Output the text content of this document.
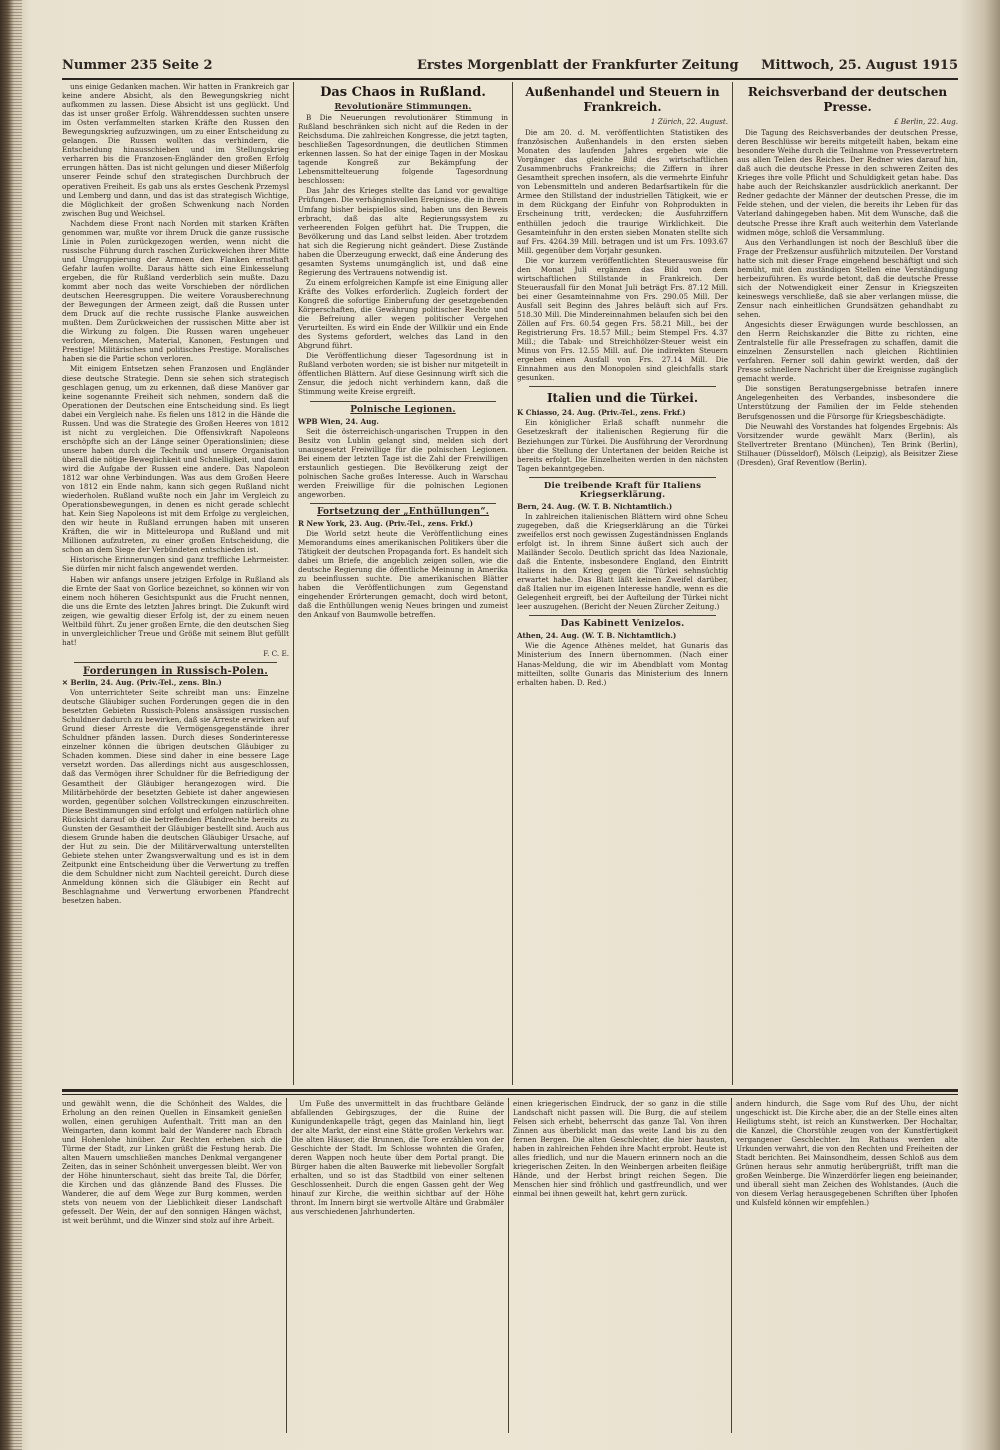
Nummer 235 Seite 2	Erstes Morgenblatt der Frankfurter Zeitung Mittwoch, 25. August 1915

uns einige Gedanken machen. Wir hatten in Frankreich gar keine andere Absicht, als den Bewegungskrieg nicht aufkommen zu lassen. Diese Absicht ist uns geglückt. Und das ist unser großer Erfolg. Währenddessen suchten unsere im Osten verfammelten starken Kräfte den Russen den Bewegungskrieg aufzuzwingen, um zu einer Entscheidung zu gelangen. Die Russen wollten das verhindern, die Entscheidung hinausschieben und im Stellungskrieg verharren bis die Franzosen-Engländer den großen Erfolg errungen hätten. Das ist nicht gelungen und dieser Mißerfolg unserer Feinde schuf den strategischen Durchbruch der operativen Freiheit. Es gab uns als erstes Geschenk Przemysl und Lemberg und dann, und das ist das strategisch Wichtige, die Möglichkeit der großen Schwenkung nach Norden zwischen Bug und Weichsel.

Nachdem diese Front nach Norden mit starken Kräften genommen war, mußte vor ihrem Druck die ganze russische Linie in Polen zurückgezogen werden, wenn nicht die russische Führung durch raschen Zurückweichen ihrer Mitte und Umgruppierung der Armeen den Flanken ernsthaft Gefahr laufen wollte. Daraus hätte sich eine Einkesselung ergeben, die für Rußland verderblich sein mußte. Dazu kommt aber noch das weite Vorschieben der nördlichen deutschen Heeresgruppen. Die weitere Vorausberechnung der Bewegungen der Armeen zeigt, daß die Russen unter dem Druck auf die rechte russische Flanke ausweichen mußten. Dem Zurückweichen der russischen Mitte aber ist die Wirkung zu folgen. Die Russen waren ungeheuer verloren, Menschen, Material, Kanonen, Festungen und Prestige! Militärisches und politisches Prestige. Moralisches haben sie die Partie schon verloren.

Mit einigem Entsetzen sehen Franzosen und Engländer diese deutsche Strategie. Denn sie sehen sich strategisch geschlagen genug, um zu erkennen, daß diese Manöver gar keine sogenannte Freiheit sich nehmen, sondern daß die Operationen der Deutschen eine Entscheidung sind. Es liegt dabei ein Vergleich nahe. Es fielen uns 1812 in die Hände die Russen. Und was die Strategie des Großen Heeres von 1812 ist nicht zu vergleichen. Die Offensivkraft Napoleons erschöpfte sich an der Länge seiner Operationslinien; diese unsere haben durch die Technik und unsere Organisation überall die nötige Beweglichkeit und Schnelligkeit, und damit wird die Aufgabe der Russen eine andere. Das Napoleon 1812 war ohne Verbindungen. Was aus dem Großen Heere von 1812 ein Ende nahm, kann sich gegen Rußland nicht wiederholen. Rußland wußte noch ein Jahr im Vergleich zu Operationsbewegungen, in denen es nicht gerade schlecht hat. Kein Sieg Napoleons ist mit dem Erfolge zu vergleichen, den wir heute in Rußland errungen haben mit unseren Kräften, die wir in Mitteleuropa und Rußland und mit Millionen aufzutreten, zu einer großen Entscheidung, die schon an dem Siege der Verbündeten entschieden ist.

Historische Erinnerungen sind ganz treffliche Lehrmeister. Sie dürfen mir nicht falsch angewendet werden.

Haben wir anfangs unsere jetzigen Erfolge in Rußland als die Ernte der Saat von Gorlice bezeichnet, so können wir von einem noch höheren Gesichtspunkt aus die Frucht nennen, die uns die Ernte des letzten Jahres bringt. Die Zukunft wird zeigen, wie gewaltig dieser Erfolg ist, der zu einem neuen Weltbild führt. Zu jener großen Ernte, die den deutschen Sieg in unvergleichlicher Treue und Größe mit seinem Blut gefüllt hat!

F. C. E.
Forderungen in Russisch-Polen.

✕ Berlin, 24. Aug. (Priv.-Tel., zens. Bln.)

Von unterrichteter Seite schreibt man uns: Einzelne deutsche Gläubiger suchen Forderungen gegen die in den besetzten Gebieten Russisch-Polens ansässigen russischen Schuldner dadurch zu bewirken, daß sie Arreste erwirken auf Grund dieser Arreste die Vermögensgegenstände ihrer Schuldner pfänden lassen. Durch dieses Sonderinteresse einzelner können die übrigen deutschen Gläubiger zu Schaden kommen. Diese sind daher in eine bessere Lage versetzt worden. Das allerdings nicht aus ausgeschlossen, daß das Vermögen ihrer Schuldner für die Befriedigung der Gesamtheit der Gläubiger herangezogen wird. Die Militärbehörde der besetzten Gebiete ist daher angewiesen worden, gegenüber solchen Vollstreckungen einzuschreiten. Diese Bestimmungen sind erfolgt und erfolgen natürlich ohne Rücksicht darauf ob die betreffenden Pfandrechte bereits zu Gunsten der Gesamtheit der Gläubiger bestellt sind. Auch aus diesem Grunde haben die deutschen Gläubiger Ursache, auf der Hut zu sein. Die der Militärverwaltung unterstellten Gebiete stehen unter Zwangsverwaltung und es ist in dem Zeitpunkt eine Entscheidung über die Verwertung zu treffen die dem Schuldner nicht zum Nachteil gereicht. Durch diese Anmeldung können sich die Gläubiger ein Recht auf Beschlagnahme und Verwertung erworbenen Pfandrecht besetzen haben.

Das Chaos in Rußland.
Revolutionäre Stimmungen.

B Die Neuerungen revolutionärer Stimmung in Rußland beschränken sich nicht auf die Reden in der Reichsduma. Die zahlreichen Kongresse, die jetzt tagten, beschließen Tagesordnungen, die deutlichen Stimmen erkennen lassen. So hat der einige Tagen in der Moskau tagende Kongreß zur Bekämpfung der Lebensmittelteuerung folgende Tagesordnung beschlossen:

Das Jahr des Krieges stellte das Land vor gewaltige Prüfungen. Die verhängnisvollen Ereignisse, die in ihrem Umfang bisher beispiellos sind, haben uns den Beweis erbracht, daß das alte Regierungssystem zu verheerenden Folgen geführt hat. Die Truppen, die Bevölkerung und das Land selbst leiden. Aber trotzdem hat sich die Regierung nicht geändert. Diese Zustände haben die Überzeugung erweckt, daß eine Änderung des gesamten Systems unumgänglich ist, und daß eine Regierung des Vertrauens notwendig ist.

Zu einem erfolgreichen Kampfe ist eine Einigung aller Kräfte des Volkes erforderlich. Zugleich fordert der Kongreß die sofortige Einberufung der gesetzgebenden Körperschaften, die Gewährung politischer Rechte und die Befreiung aller wegen politischer Vergehen Verurteilten. Es wird ein Ende der Willkür und ein Ende des Systems gefordert, welches das Land in den Abgrund führt.

Die Veröffentlichung dieser Tagesordnung ist in Rußland verboten worden; sie ist bisher nur mitgeteilt in öffentlichen Blättern. Auf diese Gesinnung wirft sich die Zensur, die jedoch nicht verhindern kann, daß die Stimmung weite Kreise ergreift.

Polnische Legionen.

WPB Wien, 24. Aug.

Seit die österreichisch-ungarischen Truppen in den Besitz von Lublin gelangt sind, melden sich dort unausgesetzt Freiwillige für die polnischen Legionen. Bei einem der letzten Tage ist die Zahl der Freiwilligen erstaunlich gestiegen. Die Bevölkerung zeigt der polnischen Sache großes Interesse. Auch in Warschau werden Freiwillige für die polnischen Legionen angeworben.

Fortsetzung der „Enthüllungen“.

R New York, 23. Aug. (Priv.-Tel., zens. Frkf.)

Die World setzt heute die Veröffentlichung eines Memorandums eines amerikanischen Politikers über die Tätigkeit der deutschen Propaganda fort. Es handelt sich dabei um Briefe, die angeblich zeigen sollen, wie die deutsche Regierung die öffentliche Meinung in Amerika zu beeinflussen suchte. Die amerikanischen Blätter haben die Veröffentlichungen zum Gegenstand eingehender Erörterungen gemacht, doch wird betont, daß die Enthüllungen wenig Neues bringen und zumeist den Ankauf von Baumwolle betreffen.

Außenhandel und Steuern in Frankreich.
1 Zürich, 22. August.

Die am 20. d. M. veröffentlichten Statistiken des französischen Außenhandels in den ersten sieben Monaten des laufenden Jahres ergeben wie die Vorgänger das gleiche Bild des wirtschaftlichen Zusammenbruchs Frankreichs; die Ziffern in ihrer Gesamtheit sprechen insofern, als die vermehrte Einfuhr von Lebensmitteln und anderen Bedarfsartikeln für die Armee den Stillstand der industriellen Tätigkeit, wie er in dem Rückgang der Einfuhr von Rohprodukten in Erscheinung tritt, verdecken; die Ausfuhrziffern enthüllen jedoch die traurige Wirklichkeit. Die Gesamteinfuhr in den ersten sieben Monaten stellte sich auf Frs. 4264.39 Mill. betragen und ist um Frs. 1093.67 Mill. gegenüber dem Vorjahr gesunken.

Die vor kurzem veröffentlichten Steuerausweise für den Monat Juli ergänzen das Bild von dem wirtschaftlichen Stillstande in Frankreich. Der Steuerausfall für den Monat Juli beträgt Frs. 87.12 Mill. bei einer Gesamteinnahme von Frs. 290.05 Mill. Der Ausfall seit Beginn des Jahres beläuft sich auf Frs. 518.30 Mill. Die Mindereinnahmen belaufen sich bei den Zöllen auf Frs. 60.54 gegen Frs. 58.21 Mill., bei der Registrierung Frs. 18.57 Mill.; beim Stempel Frs. 4.37 Mill.; die Tabak- und Streichhölzer-Steuer weist ein Minus von Frs. 12.55 Mill. auf. Die indirekten Steuern ergeben einen Ausfall von Frs. 27.14 Mill. Die Einnahmen aus den Monopolen sind gleichfalls stark gesunken.

Italien und die Türkei.

K Chiasso, 24. Aug. (Priv.-Tel., zens. Frkf.)

Ein königlicher Erlaß schafft nunmehr die Gesetzeskraft der italienischen Regierung für die Beziehungen zur Türkei. Die Ausführung der Verordnung über die Stellung der Untertanen der beiden Reiche ist bereits erfolgt. Die Einzelheiten werden in den nächsten Tagen bekanntgegeben.

Die treibende Kraft für Italiens Kriegserklärung.

Bern, 24. Aug. (W. T. B. Nichtamtlich.)

In zahlreichen italienischen Blättern wird ohne Scheu zugegeben, daß die Kriegserklärung an die Türkei zweifellos erst noch gewissen Zugeständnissen Englands erfolgt ist. In ihrem Sinne äußert sich auch der Mailänder Secolo. Deutlich spricht das Idea Nazionale, daß die Entente, insbesondere England, den Eintritt Italiens in den Krieg gegen die Türkei sehnsüchtig erwartet habe. Das Blatt läßt keinen Zweifel darüber, daß Italien nur im eigenen Interesse handle, wenn es die Gelegenheit ergreift, bei der Aufteilung der Türkei nicht leer auszugehen. (Bericht der Neuen Zürcher Zeitung.)

Das Kabinett Venizelos.

Athen, 24. Aug. (W. T. B. Nichtamtlich.)

Wie die Agence Athènes meldet, hat Gunaris das Ministerium des Innern übernommen. (Nach einer Hanas-Meldung, die wir im Abendblatt vom Montag mitteilten, sollte Gunaris das Ministerium des Innern erhalten haben. D. Red.)

Reichsverband der deutschen Presse.
£ Berlin, 22. Aug.

Die Tagung des Reichsverbandes der deutschen Presse, deren Beschlüsse wir bereits mitgeteilt haben, bekam eine besondere Weihe durch die Teilnahme von Pressevertretern aus allen Teilen des Reiches. Der Redner wies darauf hin, daß auch die deutsche Presse in den schweren Zeiten des Krieges ihre volle Pflicht und Schuldigkeit getan habe. Das habe auch der Reichskanzler ausdrücklich anerkannt. Der Redner gedachte der Männer der deutschen Presse, die im Felde stehen, und der vielen, die bereits ihr Leben für das Vaterland dahingegeben haben. Mit dem Wunsche, daß die deutsche Presse ihre Kraft auch weiterhin dem Vaterlande widmen möge, schloß die Versammlung.

Aus den Verhandlungen ist noch der Beschluß über die Frage der Preßzensur ausführlich mitzuteilen. Der Vorstand hatte sich mit dieser Frage eingehend beschäftigt und sich bemüht, mit den zuständigen Stellen eine Verständigung herbeizuführen. Es wurde betont, daß die deutsche Presse sich der Notwendigkeit einer Zensur in Kriegszeiten keineswegs verschließe, daß sie aber verlangen müsse, die Zensur nach einheitlichen Grundsätzen gehandhabt zu sehen.

Angesichts dieser Erwägungen wurde beschlossen, an den Herrn Reichskanzler die Bitte zu richten, eine Zentralstelle für alle Pressefragen zu schaffen, damit die einzelnen Zensurstellen nach gleichen Richtlinien verfahren. Ferner soll dahin gewirkt werden, daß der Presse schnellere Nachricht über die Ereignisse zugänglich gemacht werde.

Die sonstigen Beratungsergebnisse betrafen innere Angelegenheiten des Verbandes, insbesondere die Unterstützung der Familien der im Felde stehenden Berufsgenossen und die Fürsorge für Kriegsbeschädigte.

Die Neuwahl des Vorstandes hat folgendes Ergebnis: Als Vorsitzender wurde gewählt Marx (Berlin), als Stellvertreter Brentano (München), Ten Brink (Berlin), Stilhauer (Düsseldorf), Mölsch (Leipzig), als Beisitzer Ziese (Dresden), Graf Reventlow (Berlin).

und gewählt wenn, die die Schönheit des Waldes, die Erholung an den reinen Quellen in Einsamkeit genießen wollen, einen geruhigen Aufenthalt. Tritt man an den Weingarten, dann kommt bald der Wanderer nach Ebrach und Hohenlohe hinüber. Zur Rechten erheben sich die Türme der Stadt, zur Linken grüßt die Festung herab. Die alten Mauern umschließen manches Denkmal vergangener Zeiten, das in seiner Schönheit unvergessen bleibt. Wer von der Höhe hinunterschaut, sieht das breite Tal, die Dörfer, die Kirchen und das glänzende Band des Flusses. Die Wanderer, die auf dem Wege zur Burg kommen, werden stets von neuem von der Lieblichkeit dieser Landschaft gefesselt. Der Wein, der auf den sonnigen Hängen wächst, ist weit berühmt, und die Winzer sind stolz auf ihre Arbeit.

Um Fuße des unvermittelt in das fruchtbare Gelände abfallenden Gebirgszuges, der die Ruine der Kunigundenkapelle trägt, gegen das Mainland hin, liegt der alte Markt, der einst eine Stätte großen Verkehrs war. Die alten Häuser, die Brunnen, die Tore erzählen von der Geschichte der Stadt. Im Schlosse wohnten die Grafen, deren Wappen noch heute über dem Portal prangt. Die Bürger haben die alten Bauwerke mit liebevoller Sorgfalt erhalten, und so ist das Stadtbild von einer seltenen Geschlossenheit. Durch die engen Gassen geht der Weg hinauf zur Kirche, die weithin sichtbar auf der Höhe thront. Im Innern birgt sie wertvolle Altäre und Grabmäler aus verschiedenen Jahrhunderten.

einen kriegerischen Eindruck, der so ganz in die stille Landschaft nicht passen will. Die Burg, die auf steilem Felsen sich erhebt, beherrscht das ganze Tal. Von ihren Zinnen aus überblickt man das weite Land bis zu den fernen Bergen. Die alten Geschlechter, die hier hausten, haben in zahlreichen Fehden ihre Macht erprobt. Heute ist alles friedlich, und nur die Mauern erinnern noch an die kriegerischen Zeiten. In den Weinbergen arbeiten fleißige Hände, und der Herbst bringt reichen Segen. Die Menschen hier sind fröhlich und gastfreundlich, und wer einmal bei ihnen geweilt hat, kehrt gern zurück.

andern hindurch, die Sage vom Ruf des Uhu, der nicht ungeschickt ist. Die Kirche aber, die an der Stelle eines alten Heiligtums steht, ist reich an Kunstwerken. Der Hochaltar, die Kanzel, die Chorstühle zeugen von der Kunstfertigkeit vergangener Geschlechter. Im Rathaus werden alte Urkunden verwahrt, die von den Rechten und Freiheiten der Stadt berichten. Bei Mainsondheim, dessen Schloß aus dem Grünen heraus sehr anmutig herübergrüßt, trifft man die großen Weinberge. Die Winzerdörfer liegen eng beieinander, und überall sieht man Zeichen des Wohlstandes. (Auch die von diesem Verlag herausgegebenen Schriften über Iphofen und Kulsfeld können wir empfehlen.)
